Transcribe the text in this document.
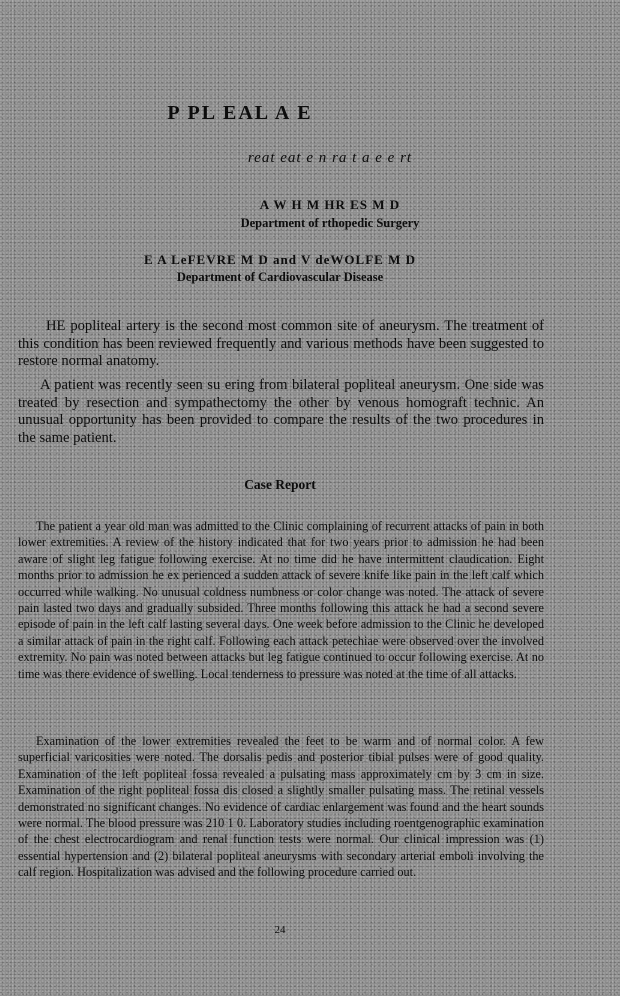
P PL EAL A E
reat eat e n ra t a e e rt
A W H M HR ES M D
Department of rthopedic Surgery
E A LeFEVRE M D and V deWOLFE M D
Department of Cardiovascular Disease

HE popliteal artery is the second most common site of aneurysm. The treatment of this condition has been reviewed frequently and various methods have been suggested to restore normal anatomy.

A patient was recently seen su ering from bilateral popliteal aneurysm. One side was treated by resection and sympathectomy the other by venous homograft technic. An unusual opportunity has been provided to compare the results of the two procedures in the same patient.

Case Report

The patient a year old man was admitted to the Clinic complaining of recurrent attacks of pain in both lower extremities. A review of the history indicated that for two years prior to admission he had been aware of slight leg fatigue following exercise. At no time did he have intermittent claudication. Eight months prior to admission he ex perienced a sudden attack of severe knife like pain in the left calf which occurred while walking. No unusual coldness numbness or color change was noted. The attack of severe pain lasted two days and gradually subsided. Three months following this attack he had a second severe episode of pain in the left calf lasting several days. One week before admission to the Clinic he developed a similar attack of pain in the right calf. Following each attack petechiae were observed over the involved extremity. No pain was noted between attacks but leg fatigue continued to occur following exercise. At no time was there evidence of swelling. Local tenderness to pressure was noted at the time of all attacks.

Examination of the lower extremities revealed the feet to be warm and of normal color. A few superficial varicosities were noted. The dorsalis pedis and posterior tibial pulses were of good quality. Examination of the left popliteal fossa revealed a pulsating mass approximately cm by 3 cm in size. Examination of the right popliteal fossa dis closed a slightly smaller pulsating mass. The retinal vessels demonstrated no significant changes. No evidence of cardiac enlargement was found and the heart sounds were normal. The blood pressure was 210 1 0. Laboratory studies including roentgenographic examination of the chest electrocardiogram and renal function tests were normal. Our clinical impression was (1) essential hypertension and (2) bilateral popliteal aneurysms with secondary arterial emboli involving the calf region. Hospitalization was advised and the following procedure carried out.

24
